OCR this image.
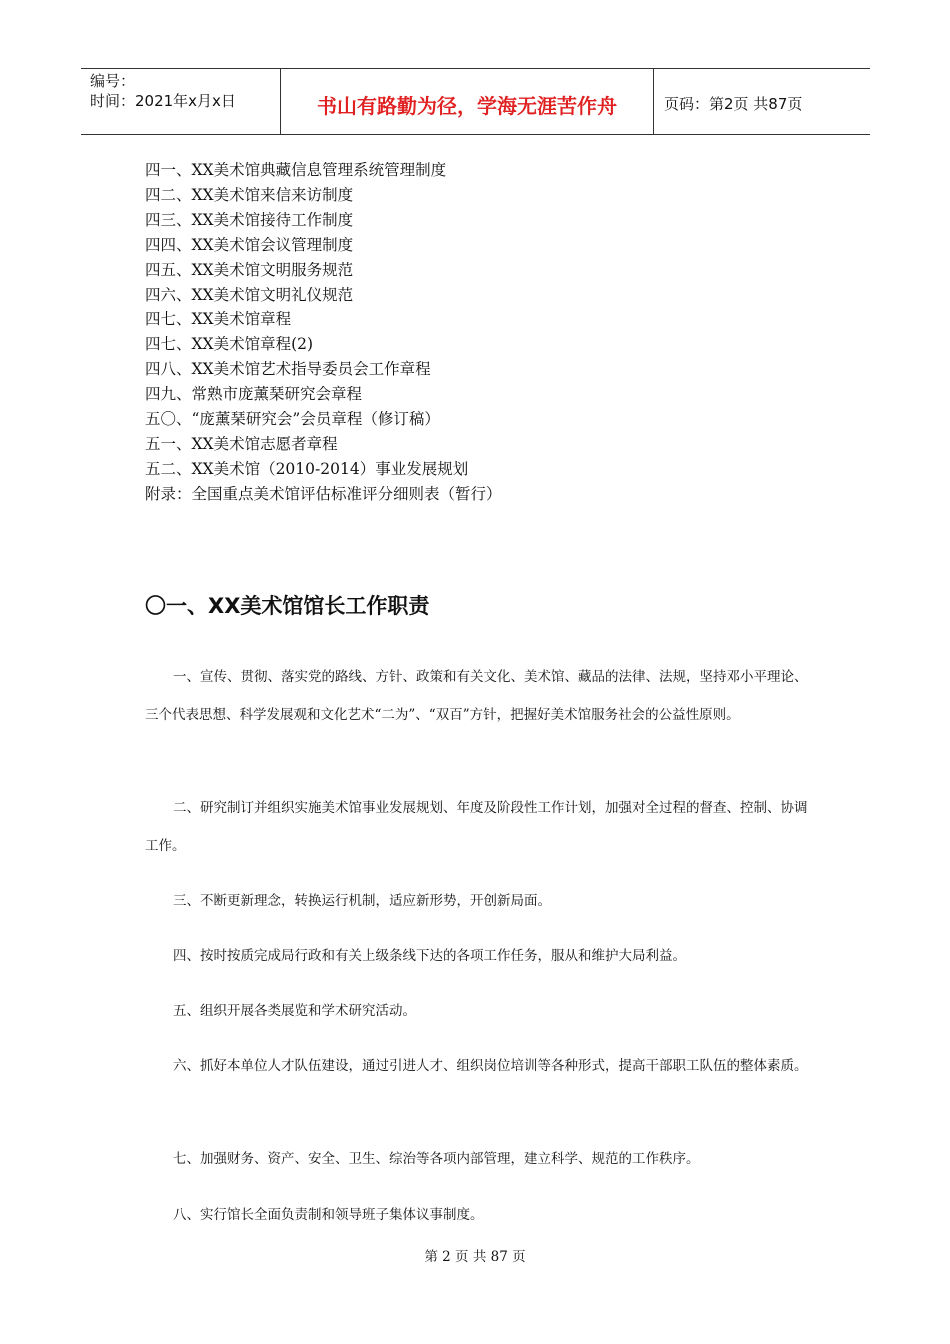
编号：
时间：2021年x月x日	书山有路勤为径，学海无涯苦作舟	页码：第2页 共87页
四一、XX美术馆典藏信息管理系统管理制度
四二、XX美术馆来信来访制度
四三、XX美术馆接待工作制度
四四、XX美术馆会议管理制度
四五、XX美术馆文明服务规范
四六、XX美术馆文明礼仪规范
四七、XX美术馆章程
四七、XX美术馆章程(2)
四八、XX美术馆艺术指导委员会工作章程
四九、常熟市庞薰琹研究会章程
五〇、“庞薰琹研究会”会员章程（修订稿）
五一、XX美术馆志愿者章程
五二、XX美术馆（2010-2014）事业发展规划
附录：全国重点美术馆评估标准评分细则表（暂行）
〇一、XX美术馆馆长工作职责

一、宣传、贯彻、落实党的路线、方针、政策和有关文化、美术馆、藏品的法律、法规，坚持邓小平理论、三个代表思想、科学发展观和文化艺术“二为”、“双百”方针，把握好美术馆服务社会的公益性原则。

二、研究制订并组织实施美术馆事业发展规划、年度及阶段性工作计划，加强对全过程的督查、控制、协调工作。

三、不断更新理念，转换运行机制，适应新形势，开创新局面。

四、按时按质完成局行政和有关上级条线下达的各项工作任务，服从和维护大局利益。

五、组织开展各类展览和学术研究活动。

六、抓好本单位人才队伍建设，通过引进人才、组织岗位培训等各种形式，提高干部职工队伍的整体素质。

七、加强财务、资产、安全、卫生、综治等各项内部管理，建立科学、规范的工作秩序。

八、实行馆长全面负责制和领导班子集体议事制度。

第 2 页 共 87 页
